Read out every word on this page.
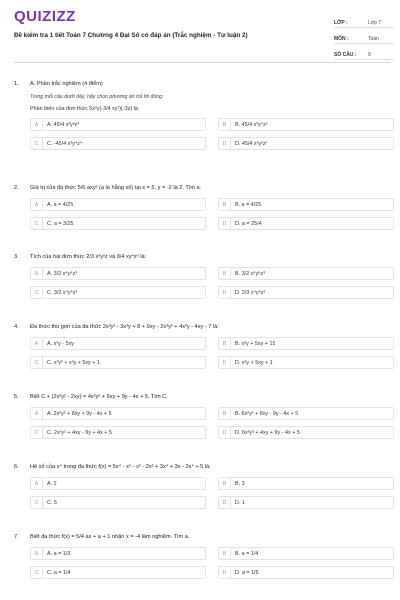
QUIZIZZ
Đề kiểm tra 1 tiết Toán 7 Chương 4 Đại Số có đáp án (Trắc nghiệm - Tự luận 2)
LỚP :	Lớp 7
MÔN :	Toán
SỐ CÂU : 9
1.	A. Phần trắc nghiệm (4 điểm)
Trong mỗi câu dưới đây, hãy chọn phương án trả lời đúng:
Phần biến của đơn thức 5x²y(-3/4 xy²)(-3z) là:
A	A. 45/4 x³y³z³	B	B. 45/4 x³y⁴z²
C	C. -45/4 x³y⁴z⁴	D	D. 45/4 x³y²z²
2.	Giá trị của đa thức 5/6 axy² (a là hằng số) tại x = 5, y = -2 là 2. Tìm a.
A	A. a = 4/25	B	B. a = 4/25
C	C. a = 3/25	D	D. a = 25/4
3.	Tích của hai đơn thức 2/3 x³y²z và 9/4 xy⁴z² là:
A	A. 3/2 x⁴y⁶z³	B	B. 3/2 x⁴y⁶z³
C	C. 3/2 x⁴y⁶z³	D	D. 2/3 x⁴y⁶z³
4.	Đa thức thu gọn của đa thức 2x³y² - 3x³y + 8 + 9xy - 2x³y² + 4x³y - 4xy - 7 là:
A	A. x³y - 5xy	B	B. x³y + 5xy + 15
C	C. x³y² + x³y + 5xy + 1	D	D. x³y + 5xy + 1
5.	Biết C + (2x²y² - 2xy) = 4x²y² + 6xy + 9y - 4x + 5. Tìm C.
A	A. 2x²y² + 8xy + 9y - 4x + 5	B	B. 6x²y² + 8xy - 9y - 4x + 5
C	C. 2x²y² + 4xy - 9y + 4x + 5	D	D. 6x²y² + 4xy + 9y - 4x + 5
6.	Hệ số của x⁴ trong đa thức f(x) = 5x⁴ - x⁶ - x² - 2x³ + 3x⁴ + 3x - 2x⁴ + 5 là:
A	A. 2	B	B. 3
C	C. 5	D	D. 1
7.	Biết đa thức f(x) = 5/4 ax + a + 1 nhận x = -4 làm nghiệm. Tìm a.
A	A. a = 1/3	B	B. a = 1/4
C	C. a = 1/4	D	D. a = 1/5
